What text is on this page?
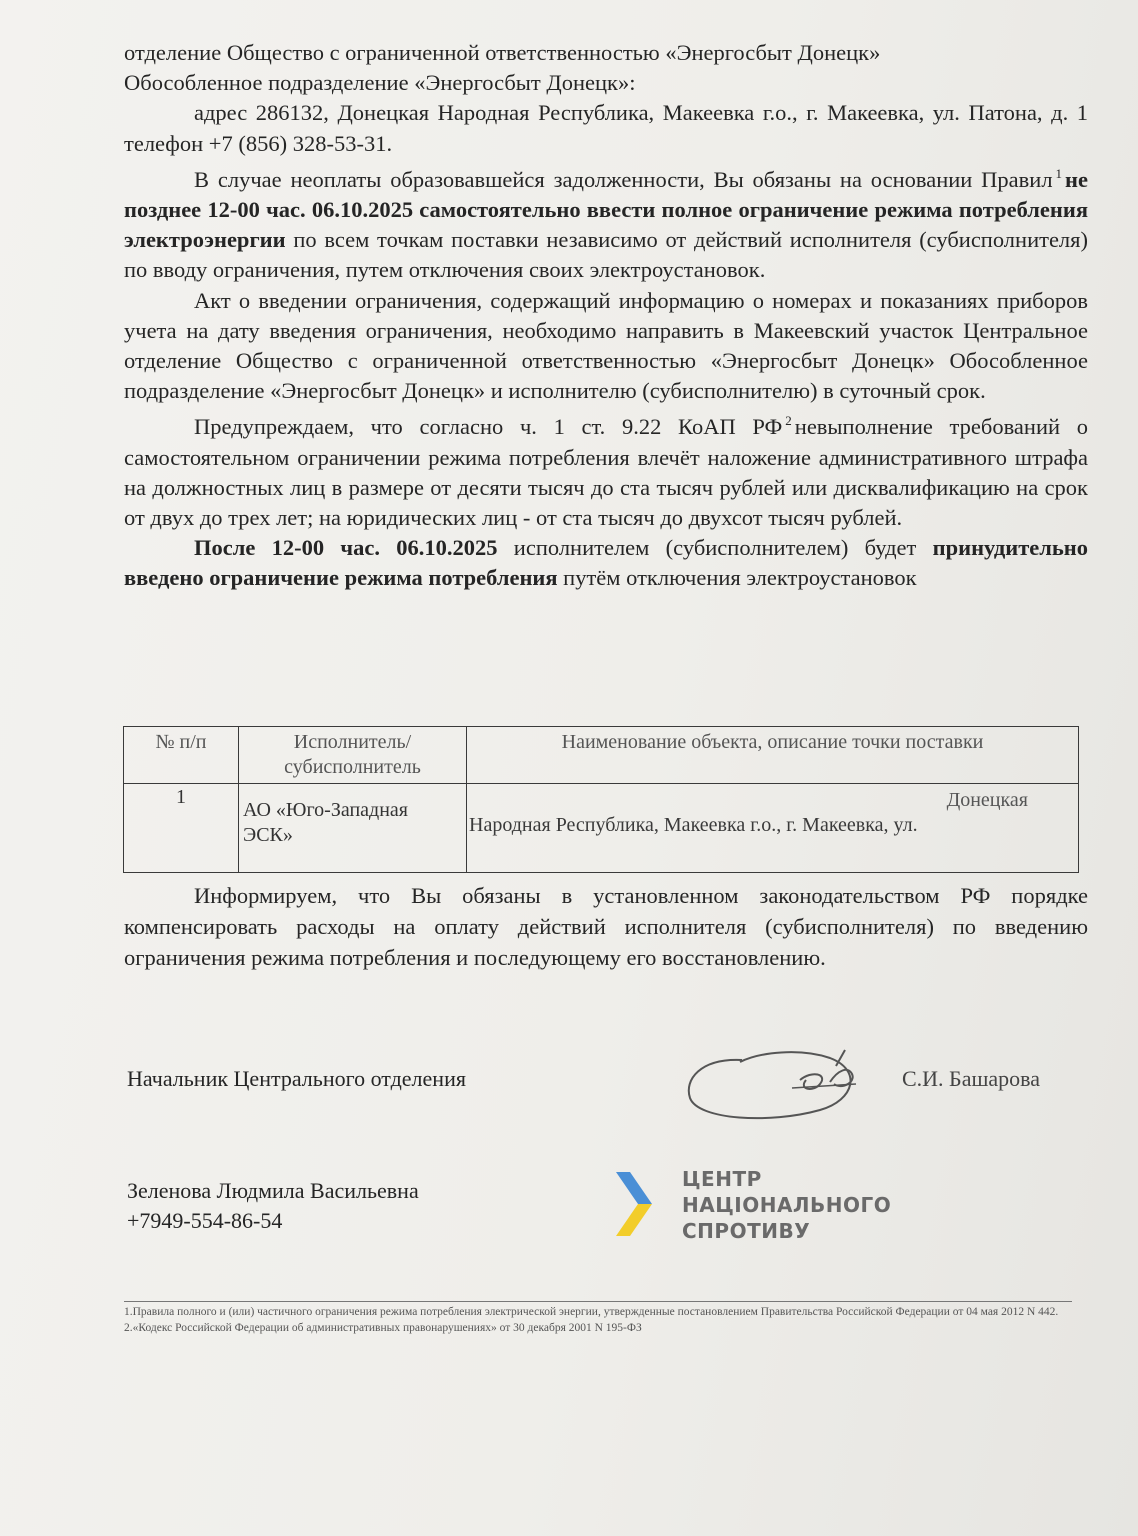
отделение Общество с ограниченной ответственностью «Энергосбыт Донецк»
Обособленное подразделение «Энергосбыт Донецк»:

адрес 286132, Донецкая Народная Республика, Макеевка г.о., г. Макеевка, ул. Патона, д. 1 телефон +7 (856) 328-53-31.

В случае неоплаты образовавшейся задолженности, Вы обязаны на основании Правил $^1$ не позднее 12-00 час. 06.10.2025 самостоятельно ввести полное ограничение режима потребления электроэнергии по всем точкам поставки независимо от действий исполнителя (субисполнителя) по вводу ограничения, путем отключения своих электроустановок.

Акт о введении ограничения, содержащий информацию о номерах и показаниях приборов учета на дату введения ограничения, необходимо направить в Макеевский участок Центральное отделение Общество с ограниченной ответственностью «Энергосбыт Донецк» Обособленное подразделение «Энергосбыт Донецк» и исполнителю (субисполнителю) в суточный срок.

Предупреждаем, что согласно ч. 1 ст. 9.22 КоАП РФ $^2$ невыполнение требований о самостоятельном ограничении режима потребления влечёт наложение административного штрафа на должностных лиц в размере от десяти тысяч до ста тысяч рублей или дисквалификацию на срок от двух до трех лет; на юридических лиц - от ста тысяч до двухсот тысяч рублей.

После 12-00 час. 06.10.2025 исполнителем (субисполнителем) будет принудительно введено ограничение режима потребления путём отключения электроустановок

№ п/п	Исполнитель/ субисполнитель	Наименование объекта, описание точки поставки
1	АО «Юго-Западная ЭСК»	Донецкая
Народная Республика, Макеевка г.о., г. Макеевка, ул.

Информируем, что Вы обязаны в установленном законодательством РФ порядке компенсировать расходы на оплату действий исполнителя (субисполнителя) по введению ограничения режима потребления и последующему его восстановлению.

Начальник Центрального отделения	С.И. Башарова
Зеленова Людмила Васильевна
+7949-554-86-54

ЦЕНТР
НАЦІОНАЛЬНОГО
СПРОТИВУ

1.Правила полного и (или) частичного ограничения режима потребления электрической энергии, утвержденные постановлением Правительства Российской Федерации от 04 мая 2012 N 442.

2.«Кодекс Российской Федерации об административных правонарушениях» от 30 декабря 2001 N 195-ФЗ
